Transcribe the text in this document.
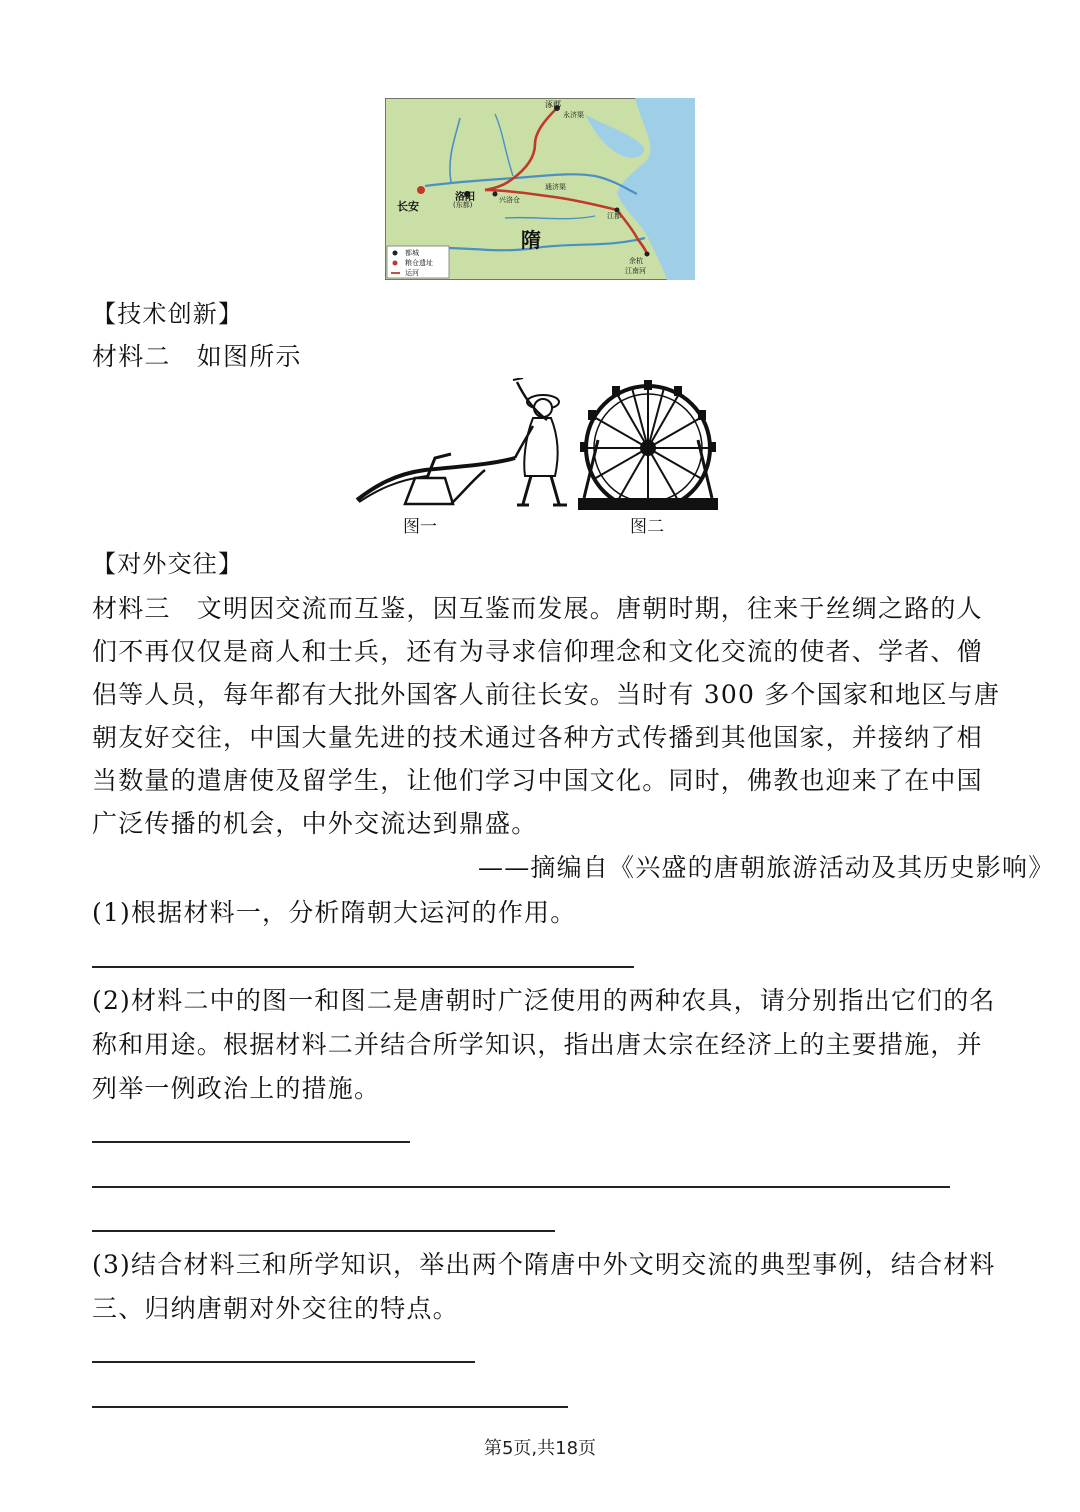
涿郡
长安
洛阳
(东都)
兴洛仓
隋
江都
余杭
永济渠
通济渠
江南河
都城
粮仓遗址
运河
【技术创新】
材料二　如图所示
图一	图二
【对外交往】
材料三　文明因交流而互鉴，因互鉴而发展。唐朝时期，往来于丝绸之路的人
们不再仅仅是商人和士兵，还有为寻求信仰理念和文化交流的使者、学者、僧
侣等人员，每年都有大批外国客人前往长安。当时有 300 多个国家和地区与唐
朝友好交往，中国大量先进的技术通过各种方式传播到其他国家，并接纳了相
当数量的遣唐使及留学生，让他们学习中国文化。同时，佛教也迎来了在中国
广泛传播的机会，中外交流达到鼎盛。
——摘编自《兴盛的唐朝旅游活动及其历史影响》
(1)根据材料一，分析隋朝大运河的作用。
(2)材料二中的图一和图二是唐朝时广泛使用的两种农具，请分别指出它们的名
称和用途。根据材料二并结合所学知识，指出唐太宗在经济上的主要措施，并
列举一例政治上的措施。
(3)结合材料三和所学知识，举出两个隋唐中外文明交流的典型事例，结合材料
三、归纳唐朝对外交往的特点。
第5页,共18页
